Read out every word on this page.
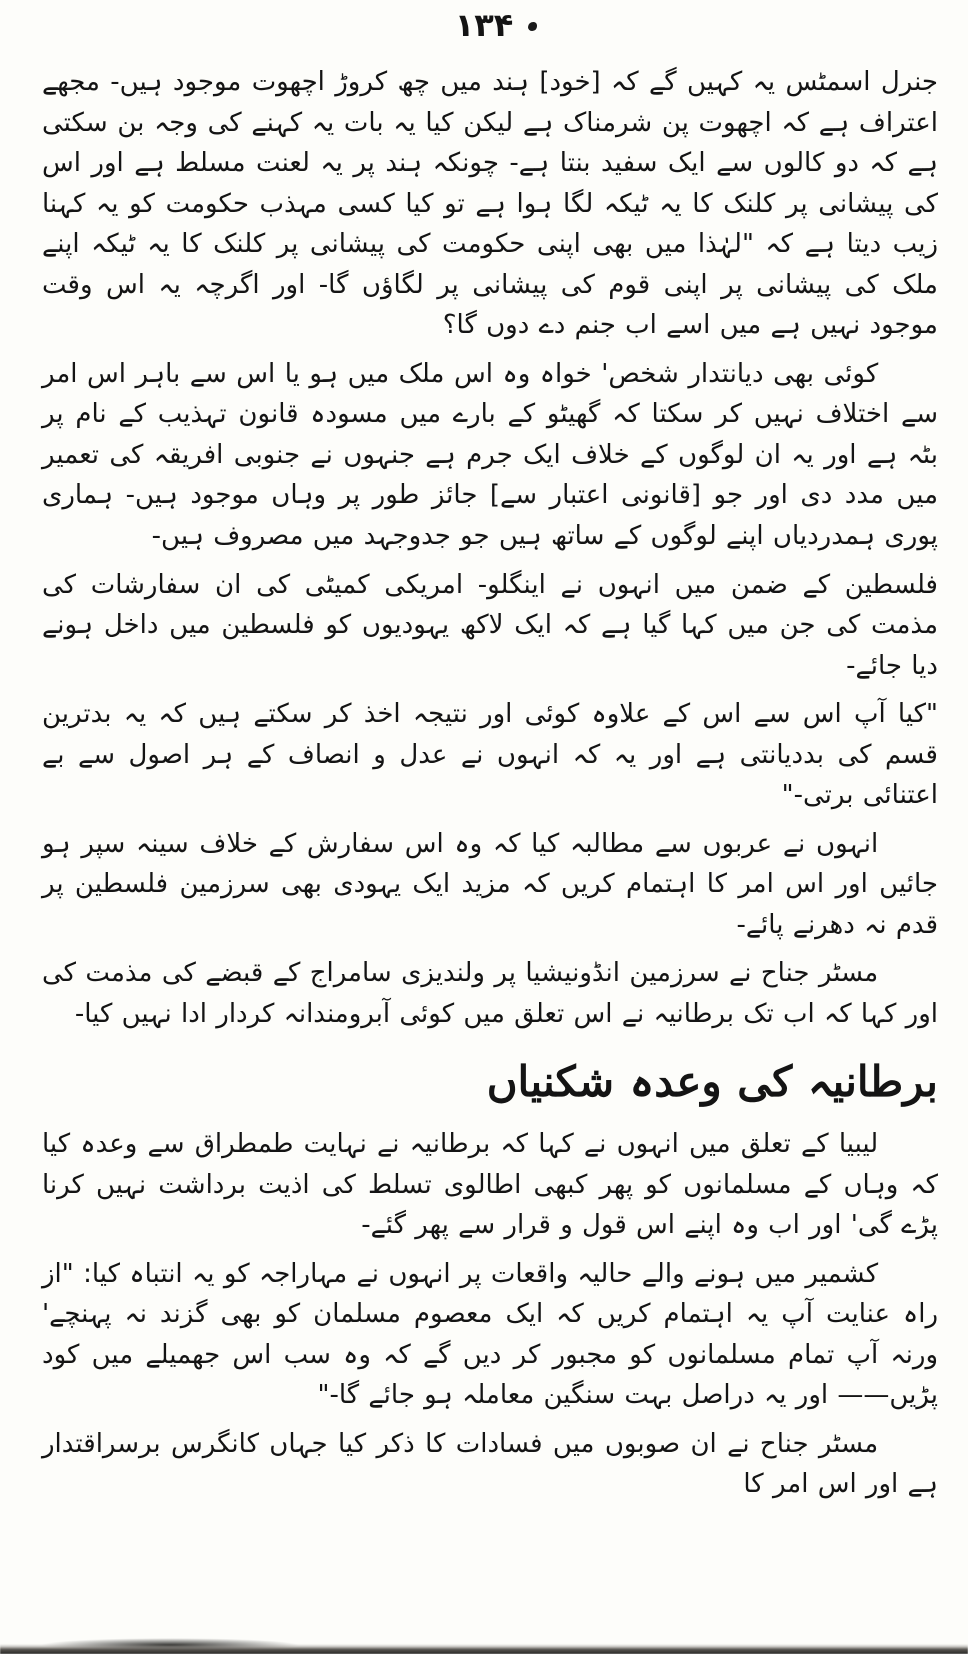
۱۳۴

جنرل اسمٹس یہ کہیں گے کہ [خود] ہند میں چھ کروڑ اچھوت موجود ہیں- مجھے اعتراف ہے کہ اچھوت پن شرمناک ہے لیکن کیا یہ بات یہ کہنے کی وجہ بن سکتی ہے کہ دو کالوں سے ایک سفید بنتا ہے- چونکہ ہند پر یہ لعنت مسلط ہے اور اس کی پیشانی پر کلنک کا یہ ٹیکہ لگا ہوا ہے تو کیا کسی مہذب حکومت کو یہ کہنا زیب دیتا ہے کہ "لہٰذا میں بھی اپنی حکومت کی پیشانی پر کلنک کا یہ ٹیکہ اپنے ملک کی پیشانی پر اپنی قوم کی پیشانی پر لگاؤں گا- اور اگرچہ یہ اس وقت موجود نہیں ہے میں اسے اب جنم دے دوں گا؟

کوئی بھی دیانتدار شخص' خواہ وہ اس ملک میں ہو یا اس سے باہر اس امر سے اختلاف نہیں کر سکتا کہ گھیٹو کے بارے میں مسودہ قانون تہذیب کے نام پر بٹہ ہے اور یہ ان لوگوں کے خلاف ایک جرم ہے جنہوں نے جنوبی افریقہ کی تعمیر میں مدد دی اور جو [قانونی اعتبار سے] جائز طور پر وہاں موجود ہیں- ہماری پوری ہمدردیاں اپنے لوگوں کے ساتھ ہیں جو جدوجہد میں مصروف ہیں-

فلسطین کے ضمن میں انہوں نے اینگلو- امریکی کمیٹی کی ان سفارشات کی مذمت کی جن میں کہا گیا ہے کہ ایک لاکھ یہودیوں کو فلسطین میں داخل ہونے دیا جائے-

"کیا آپ اس سے اس کے علاوہ کوئی اور نتیجہ اخذ کر سکتے ہیں کہ یہ بدترین قسم کی بددیانتی ہے اور یہ کہ انہوں نے عدل و انصاف کے ہر اصول سے بے اعتنائی برتی-"

انہوں نے عربوں سے مطالبہ کیا کہ وہ اس سفارش کے خلاف سینہ سپر ہو جائیں اور اس امر کا اہتمام کریں کہ مزید ایک یہودی بھی سرزمین فلسطین پر قدم نہ دھرنے پائے-

مسٹر جناح نے سرزمین انڈونیشیا پر ولندیزی سامراج کے قبضے کی مذمت کی اور کہا کہ اب تک برطانیہ نے اس تعلق میں کوئی آبرومندانہ کردار ادا نہیں کیا-

برطانیہ کی وعدہ شکنیاں

لیبیا کے تعلق میں انہوں نے کہا کہ برطانیہ نے نہایت طمطراق سے وعدہ کیا کہ وہاں کے مسلمانوں کو پھر کبھی اطالوی تسلط کی اذیت برداشت نہیں کرنا پڑے گی' اور اب وہ اپنے اس قول و قرار سے پھر گئے-

کشمیر میں ہونے والے حالیہ واقعات پر انہوں نے مہاراجہ کو یہ انتباہ کیا: "از راہ عنایت آپ یہ اہتمام کریں کہ ایک معصوم مسلمان کو بھی گزند نہ پہنچے' ورنہ آپ تمام مسلمانوں کو مجبور کر دیں گے کہ وہ سب اس جھمیلے میں کود پڑیں—— اور یہ دراصل بہت سنگین معاملہ ہو جائے گا-"

مسٹر جناح نے ان صوبوں میں فسادات کا ذکر کیا جہاں کانگرس برسراقتدار ہے اور اس امر کا
